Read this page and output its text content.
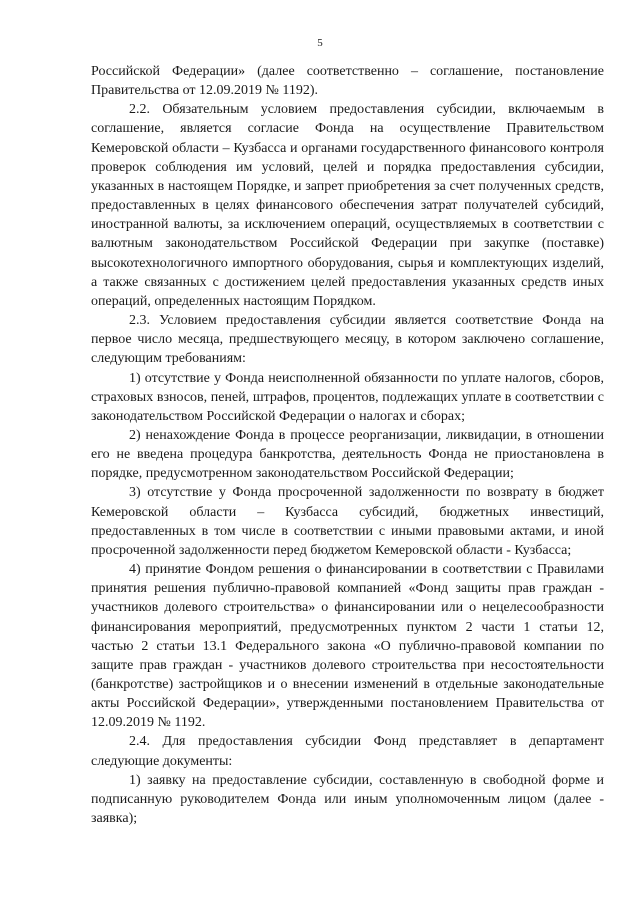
5

Российской Федерации» (далее соответственно – соглашение, постановление Правительства от 12.09.2019 № 1192).

2.2. Обязательным условием предоставления субсидии, включаемым в соглашение, является согласие Фонда на осуществление Правительством Кемеровской области – Кузбасса и органами государственного финансового контроля проверок соблюдения им условий, целей и порядка предоставления субсидии, указанных в настоящем Порядке, и запрет приобретения за счет полученных средств, предоставленных в целях финансового обеспечения затрат получателей субсидий, иностранной валюты, за исключением операций, осуществляемых в соответствии с валютным законодательством Российской Федерации при закупке (поставке) высокотехнологичного импортного оборудования, сырья и комплектующих изделий, а также связанных с достижением целей предоставления указанных средств иных операций, определенных настоящим Порядком.

2.3. Условием предоставления субсидии является соответствие Фонда на первое число месяца, предшествующего месяцу, в котором заключено соглашение, следующим требованиям:

1) отсутствие у Фонда неисполненной обязанности по уплате налогов, сборов, страховых взносов, пеней, штрафов, процентов, подлежащих уплате в соответствии с законодательством Российской Федерации о налогах и сборах;

2) ненахождение Фонда в процессе реорганизации, ликвидации, в отношении его не введена процедура банкротства, деятельность Фонда не приостановлена в порядке, предусмотренном законодательством Российской Федерации;

3) отсутствие у Фонда просроченной задолженности по возврату в бюджет Кемеровской области – Кузбасса субсидий, бюджетных инвестиций, предоставленных в том числе в соответствии с иными правовыми актами, и иной просроченной задолженности перед бюджетом Кемеровской области - Кузбасса;

4) принятие Фондом решения о финансировании в соответствии с Правилами принятия решения публично-правовой компанией «Фонд защиты прав граждан - участников долевого строительства» о финансировании или о нецелесообразности финансирования мероприятий, предусмотренных пунктом 2 части 1 статьи 12, частью 2 статьи 13.1 Федерального закона «О публично-правовой компании по защите прав граждан - участников долевого строительства при несостоятельности (банкротстве) застройщиков и о внесении изменений в отдельные законодательные акты Российской Федерации», утвержденными постановлением Правительства от 12.09.2019 № 1192.

2.4. Для предоставления субсидии Фонд представляет в департамент следующие документы:

1) заявку на предоставление субсидии, составленную в свободной форме и подписанную руководителем Фонда или иным уполномоченным лицом (далее - заявка);
